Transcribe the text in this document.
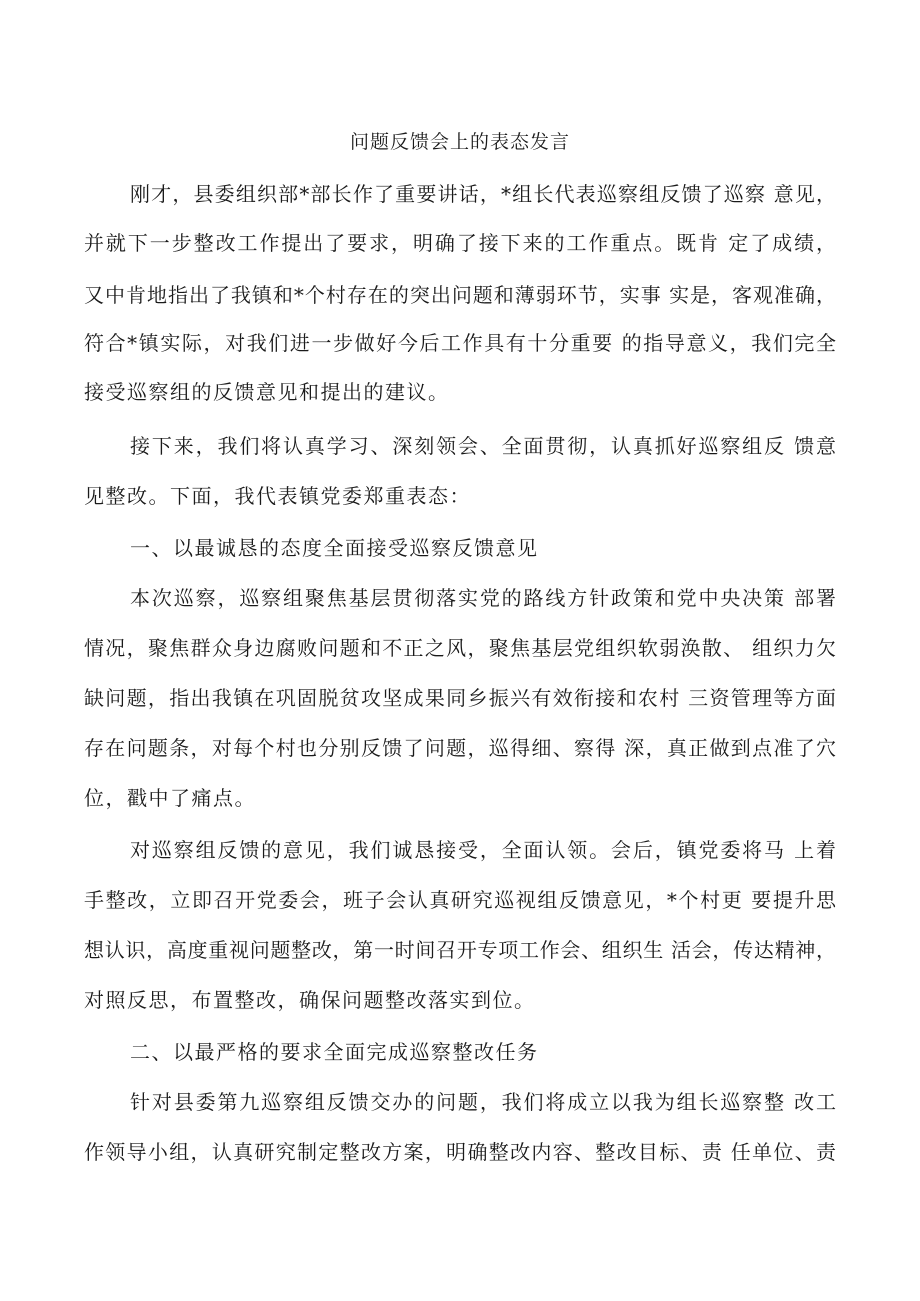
问题反馈会上的表态发言
刚才，县委组织部*部长作了重要讲话，*组长代表巡察组反馈了巡察 意见，
并就下一步整改工作提出了要求，明确了接下来的工作重点。既肯 定了成绩，
又中肯地指出了我镇和*个村存在的突出问题和薄弱环节，实事 实是，客观准确，
符合*镇实际，对我们进一步做好今后工作具有十分重要 的指导意义，我们完全
接受巡察组的反馈意见和提出的建议。
接下来，我们将认真学习、深刻领会、全面贯彻，认真抓好巡察组反 馈意
见整改。下面，我代表镇党委郑重表态：
一、以最诚恳的态度全面接受巡察反馈意见
本次巡察，巡察组聚焦基层贯彻落实党的路线方针政策和党中央决策 部署
情况，聚焦群众身边腐败问题和不正之风，聚焦基层党组织软弱涣散、 组织力欠
缺问题，指出我镇在巩固脱贫攻坚成果同乡振兴有效衔接和农村 三资管理等方面
存在问题条，对每个村也分别反馈了问题，巡得细、察得 深，真正做到点准了穴
位，戳中了痛点。
对巡察组反馈的意见，我们诚恳接受，全面认领。会后，镇党委将马 上着
手整改，立即召开党委会，班子会认真研究巡视组反馈意见，*个村更 要提升思
想认识，高度重视问题整改，第一时间召开专项工作会、组织生 活会，传达精神，
对照反思，布置整改，确保问题整改落实到位。
二、以最严格的要求全面完成巡察整改任务
针对县委第九巡察组反馈交办的问题，我们将成立以我为组长巡察整 改工
作领导小组，认真研究制定整改方案，明确整改内容、整改目标、责 任单位、责
